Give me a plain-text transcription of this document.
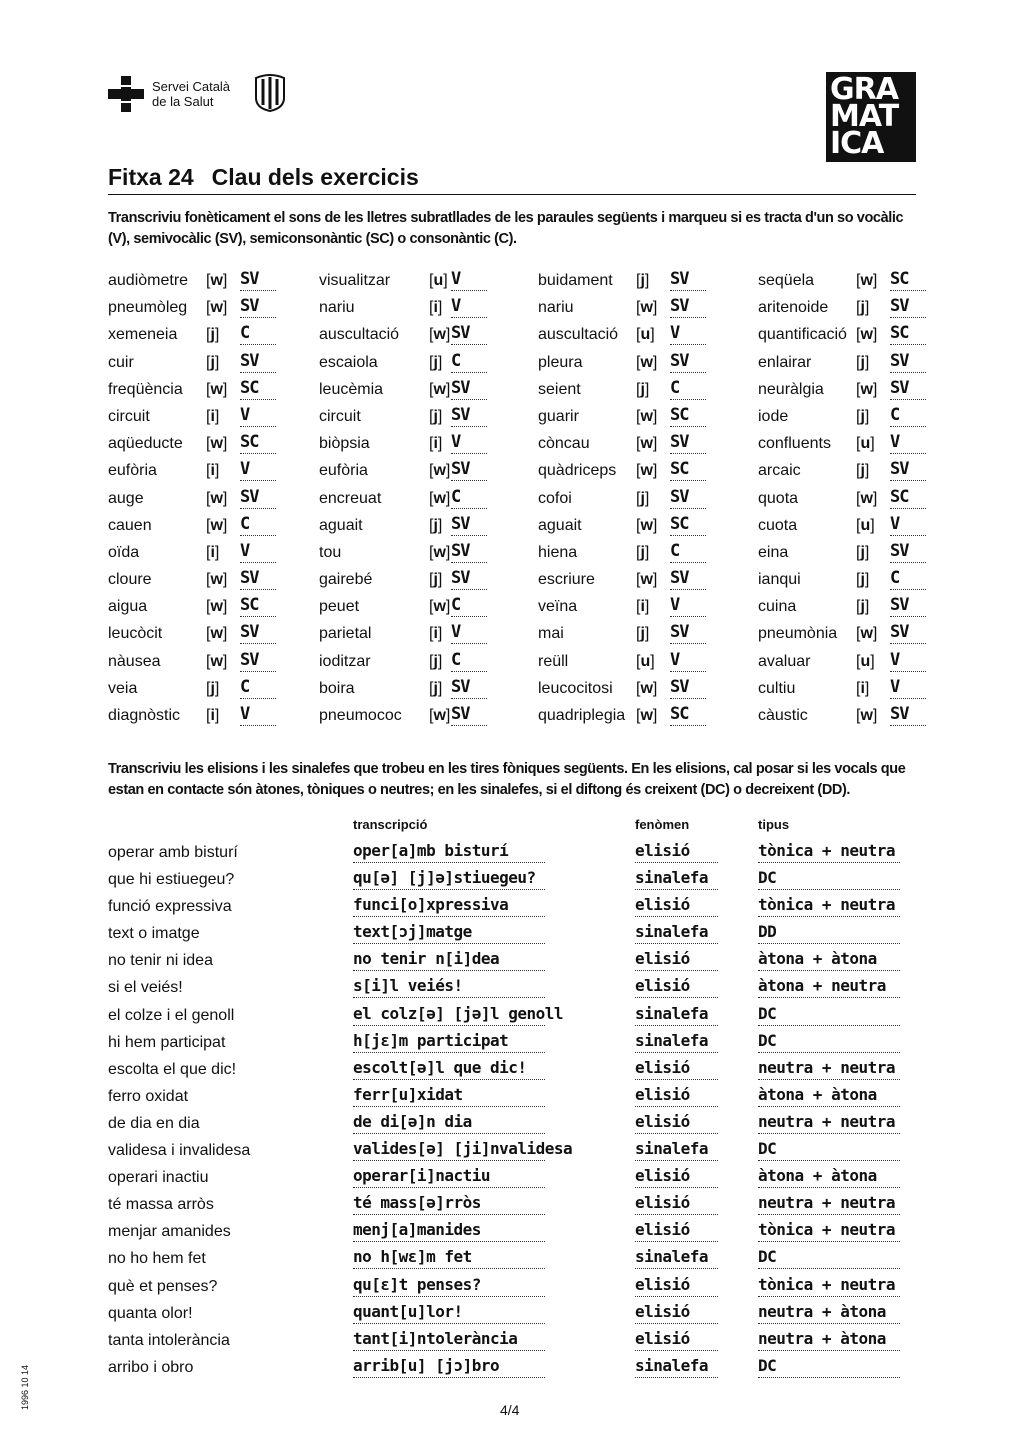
Servei Català
de la Salut	GRA
MAT
ICA
Fitxa 24 Clau dels exercicis
Transcriviu fonèticament el sons de les lletres subratllades de les paraules següents i marqueu si es tracta d'un so vocàlic (V), semivocàlic (SV), semiconsonàntic (SC) o consonàntic (C).
audiòmetre [w] SV	visualitzar [u] V	buidament [j] SV	seqüela	[w] SC
pneumòleg [w] SV	nariu	[i] V	nariu	[w] SV	aritenoide [j] SV
xemeneia [j] C	auscultació [w] SV	auscultació [u] V	quantificació [w] SC
cuir	[j] SV	escaiola	[j] C	pleura	[w] SV	enlairar	[j] SV
freqüència [w] SC	leucèmia	[w] SV	seient	[j] C	neuràlgia [w] SV
circuit	[i] V	circuit	[j] SV	guarir	[w] SC	iode	[j] C
aqüeducte [w] SC	biòpsia	[i] V	còncau	[w] SV	confluents [u] V
eufòria	[i] V	eufòria	[w] SV	quàdriceps [w] SC	arcaic	[j] SV
auge	[w] SV	encreuat	[w] C	cofoi	[j] SV	quota	[w] SC
cauen	[w] C	aguait	[j] SV	aguait	[w] SC	cuota	[u] V
oïda	[i] V	tou	[w] SV	hiena	[j] C	eina	[j] SV
cloure	[w] SV	gairebé	[j] SV	escriure	[w] SV	ianqui	[j] C
aigua	[w] SC	peuet	[w] C	veïna	[i] V	cuina	[j] SV
leucòcit	[w] SV	parietal	[i] V	mai	[j] SV	pneumònia [w] SV
nàusea	[w] SV	ioditzar	[j] C	reüll	[u] V	avaluar	[u] V
veia	[j] C	boira	[j] SV	leucocitosi [w] SV	cultiu	[i] V
diagnòstic [i] V	pneumococ [w] SV	quadriplegia [w] SC	càustic	[w] SV
Transcriviu les elisions i les sinalefes que trobeu en les tires fòniques següents. En les elisions, cal posar si les vocals que estan en contacte són àtones, tòniques o neutres; en les sinalefes, si el diftong és creixent (DC) o decreixent (DD).
transcripció	fenòmen	tipus
operar amb bisturí	oper[a]mb bisturí	elisió	tònica + neutra
que hi estiuegeu?	qu[ə] [j]ə]stiuegeu?	sinalefa	DC
funció expressiva	funci[o]xpressiva	elisió	tònica + neutra
text o imatge	text[ɔj]matge	sinalefa	DD
no tenir ni idea	no tenir n[i]dea	elisió	àtona + àtona
si el veiés!	s[i]l veiés!	elisió	àtona + neutra
el colze i el genoll	el colz[ə] [jə]l genoll	sinalefa	DC
hi hem participat	h[jɛ]m participat	sinalefa	DC
escolta el que dic!	escolt[ə]l que dic!	elisió	neutra + neutra
ferro oxidat	ferr[u]xidat	elisió	àtona + àtona
de dia en dia	de di[ə]n dia	elisió	neutra + neutra
validesa i invalidesa	valides[ə] [ji]nvalidesa	sinalefa	DC
operari inactiu	operar[i]nactiu	elisió	àtona + àtona
té massa arròs	té mass[ə]rròs	elisió	neutra + neutra
menjar amanides	menj[a]manides	elisió	tònica + neutra
no ho hem fet	no h[wɛ]m fet	sinalefa	DC
què et penses?	qu[ɛ]t penses?	elisió	tònica + neutra
quanta olor!	quant[u]lor!	elisió	neutra + àtona
tanta intolerància	tant[i]ntolerància	elisió	neutra + àtona
arribo i obro	arrib[u] [jɔ]bro	sinalefa	DC
4/4
1996 10 14
